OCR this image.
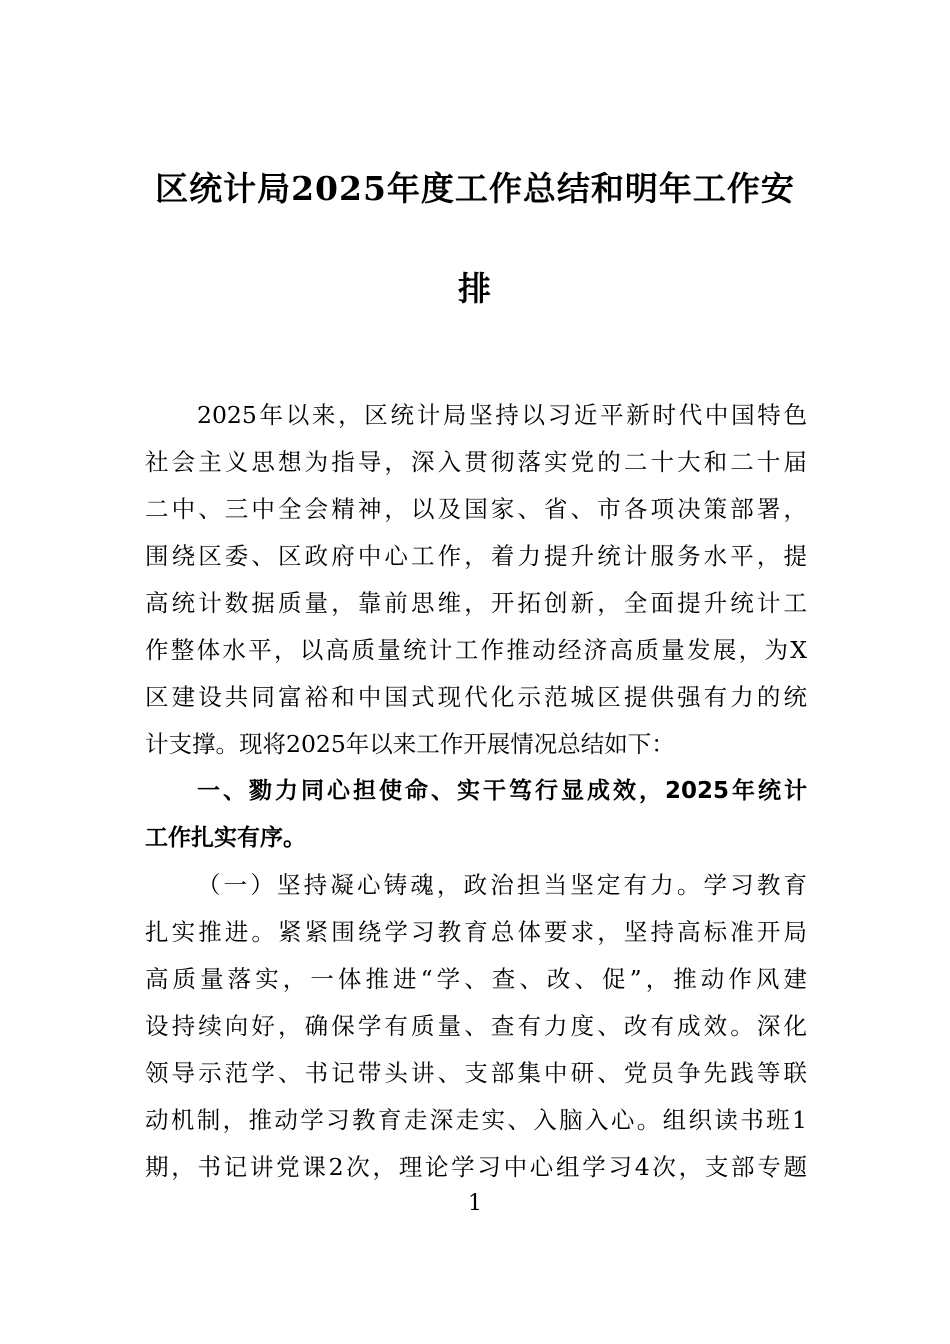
区统计局2025年度工作总结和明年工作安
排
2025年以来，区统计局坚持以习近平新时代中国特色
社会主义思想为指导，深入贯彻落实党的二十大和二十届
二中、三中全会精神，以及国家、省、市各项决策部署，
围绕区委、区政府中心工作，着力提升统计服务水平，提
高统计数据质量，靠前思维，开拓创新，全面提升统计工
作整体水平，以高质量统计工作推动经济高质量发展，为X
区建设共同富裕和中国式现代化示范城区提供强有力的统
计支撑。现将2025年以来工作开展情况总结如下：
一、勠力同心担使命、实干笃行显成效，2025年统计
工作扎实有序。
（一）坚持凝心铸魂，政治担当坚定有力。学习教育
扎实推进。紧紧围绕学习教育总体要求，坚持高标准开局
高质量落实，一体推进“学、查、改、促”，推动作风建
设持续向好，确保学有质量、查有力度、改有成效。深化
领导示范学、书记带头讲、支部集中研、党员争先践等联
动机制，推动学习教育走深走实、入脑入心。组织读书班1
期，书记讲党课2次，理论学习中心组学习4次，支部专题
1
